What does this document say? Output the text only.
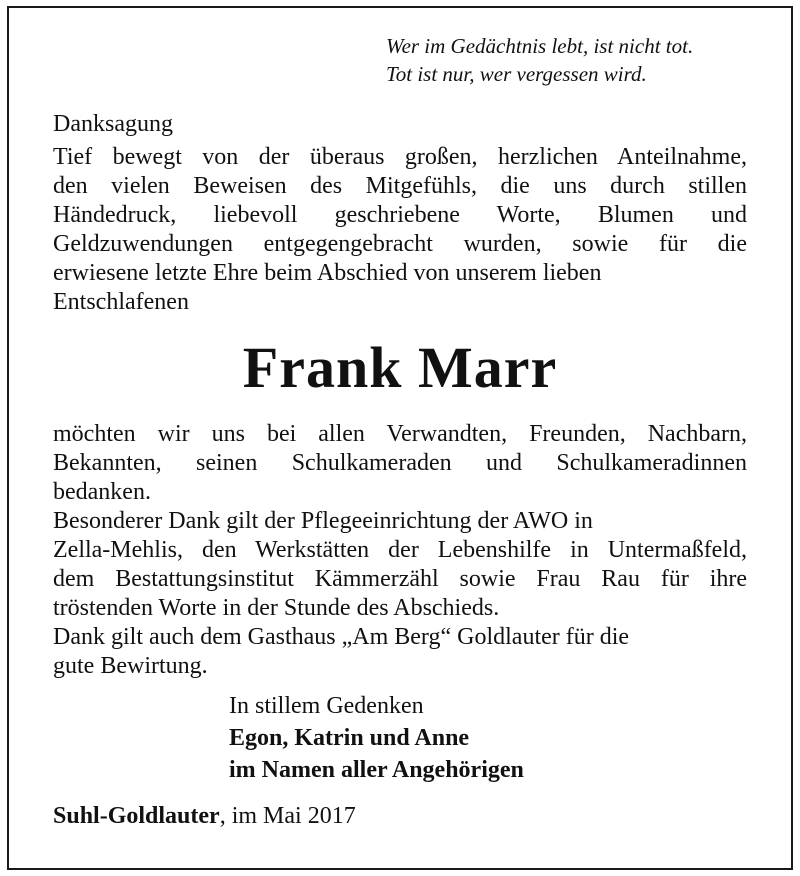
Wer im Gedächtnis lebt, ist nicht tot.
Tot ist nur, wer vergessen wird.
Danksagung
Tief bewegt von der überaus großen, herzlichen Anteilnahme,
den vielen Beweisen des Mitgefühls, die uns durch stillen
Händedruck, liebevoll geschriebene Worte, Blumen und
Geldzuwendungen entgegengebracht wurden, sowie für die
erwiesene letzte Ehre beim Abschied von unserem lieben
Entschlafenen
Frank Marr
möchten wir uns bei allen Verwandten, Freunden, Nachbarn,
Bekannten, seinen Schulkameraden und Schulkameradinnen
bedanken.
Besonderer Dank gilt der Pflegeeinrichtung der AWO in
Zella-Mehlis, den Werkstätten der Lebenshilfe in Untermaßfeld,
dem Bestattungsinstitut Kämmerzähl sowie Frau Rau für ihre
tröstenden Worte in der Stunde des Abschieds.
Dank gilt auch dem Gasthaus „Am Berg“ Goldlauter für die
gute Bewirtung.
In stillem Gedenken
Egon, Katrin und Anne
im Namen aller Angehörigen
Suhl-Goldlauter, im Mai 2017
